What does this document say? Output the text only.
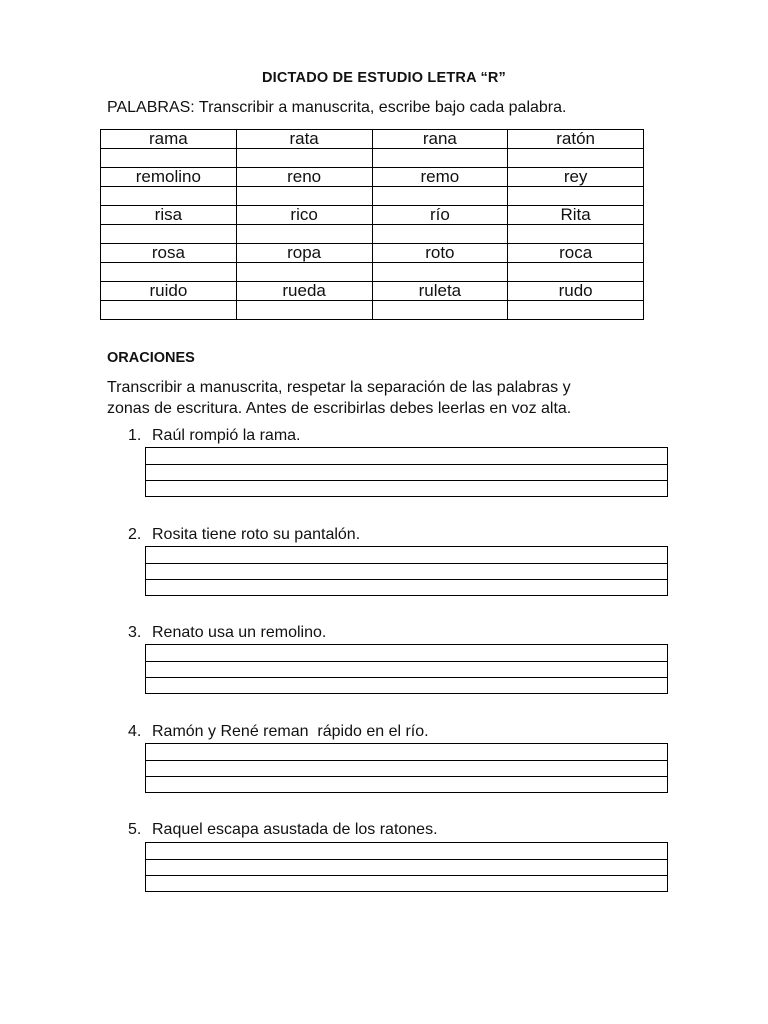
DICTADO DE ESTUDIO LETRA “R”
PALABRAS: Transcribir a manuscrita, escribe bajo cada palabra.
rama	rata	rana	ratón

remolino	reno	remo	rey

risa	rico	río	Rita

rosa	ropa	roto	roca

ruido	rueda	ruleta	rudo

ORACIONES
Transcribir a manuscrita, respetar la separación de las palabras y
zonas de escritura. Antes de escribirlas debes leerlas en voz alta.
1. Raúl rompió la rama.
2. Rosita tiene roto su pantalón.
3. Renato usa un remolino.
4. Ramón y René reman  rápido en el río.
5. Raquel escapa asustada de los ratones.
